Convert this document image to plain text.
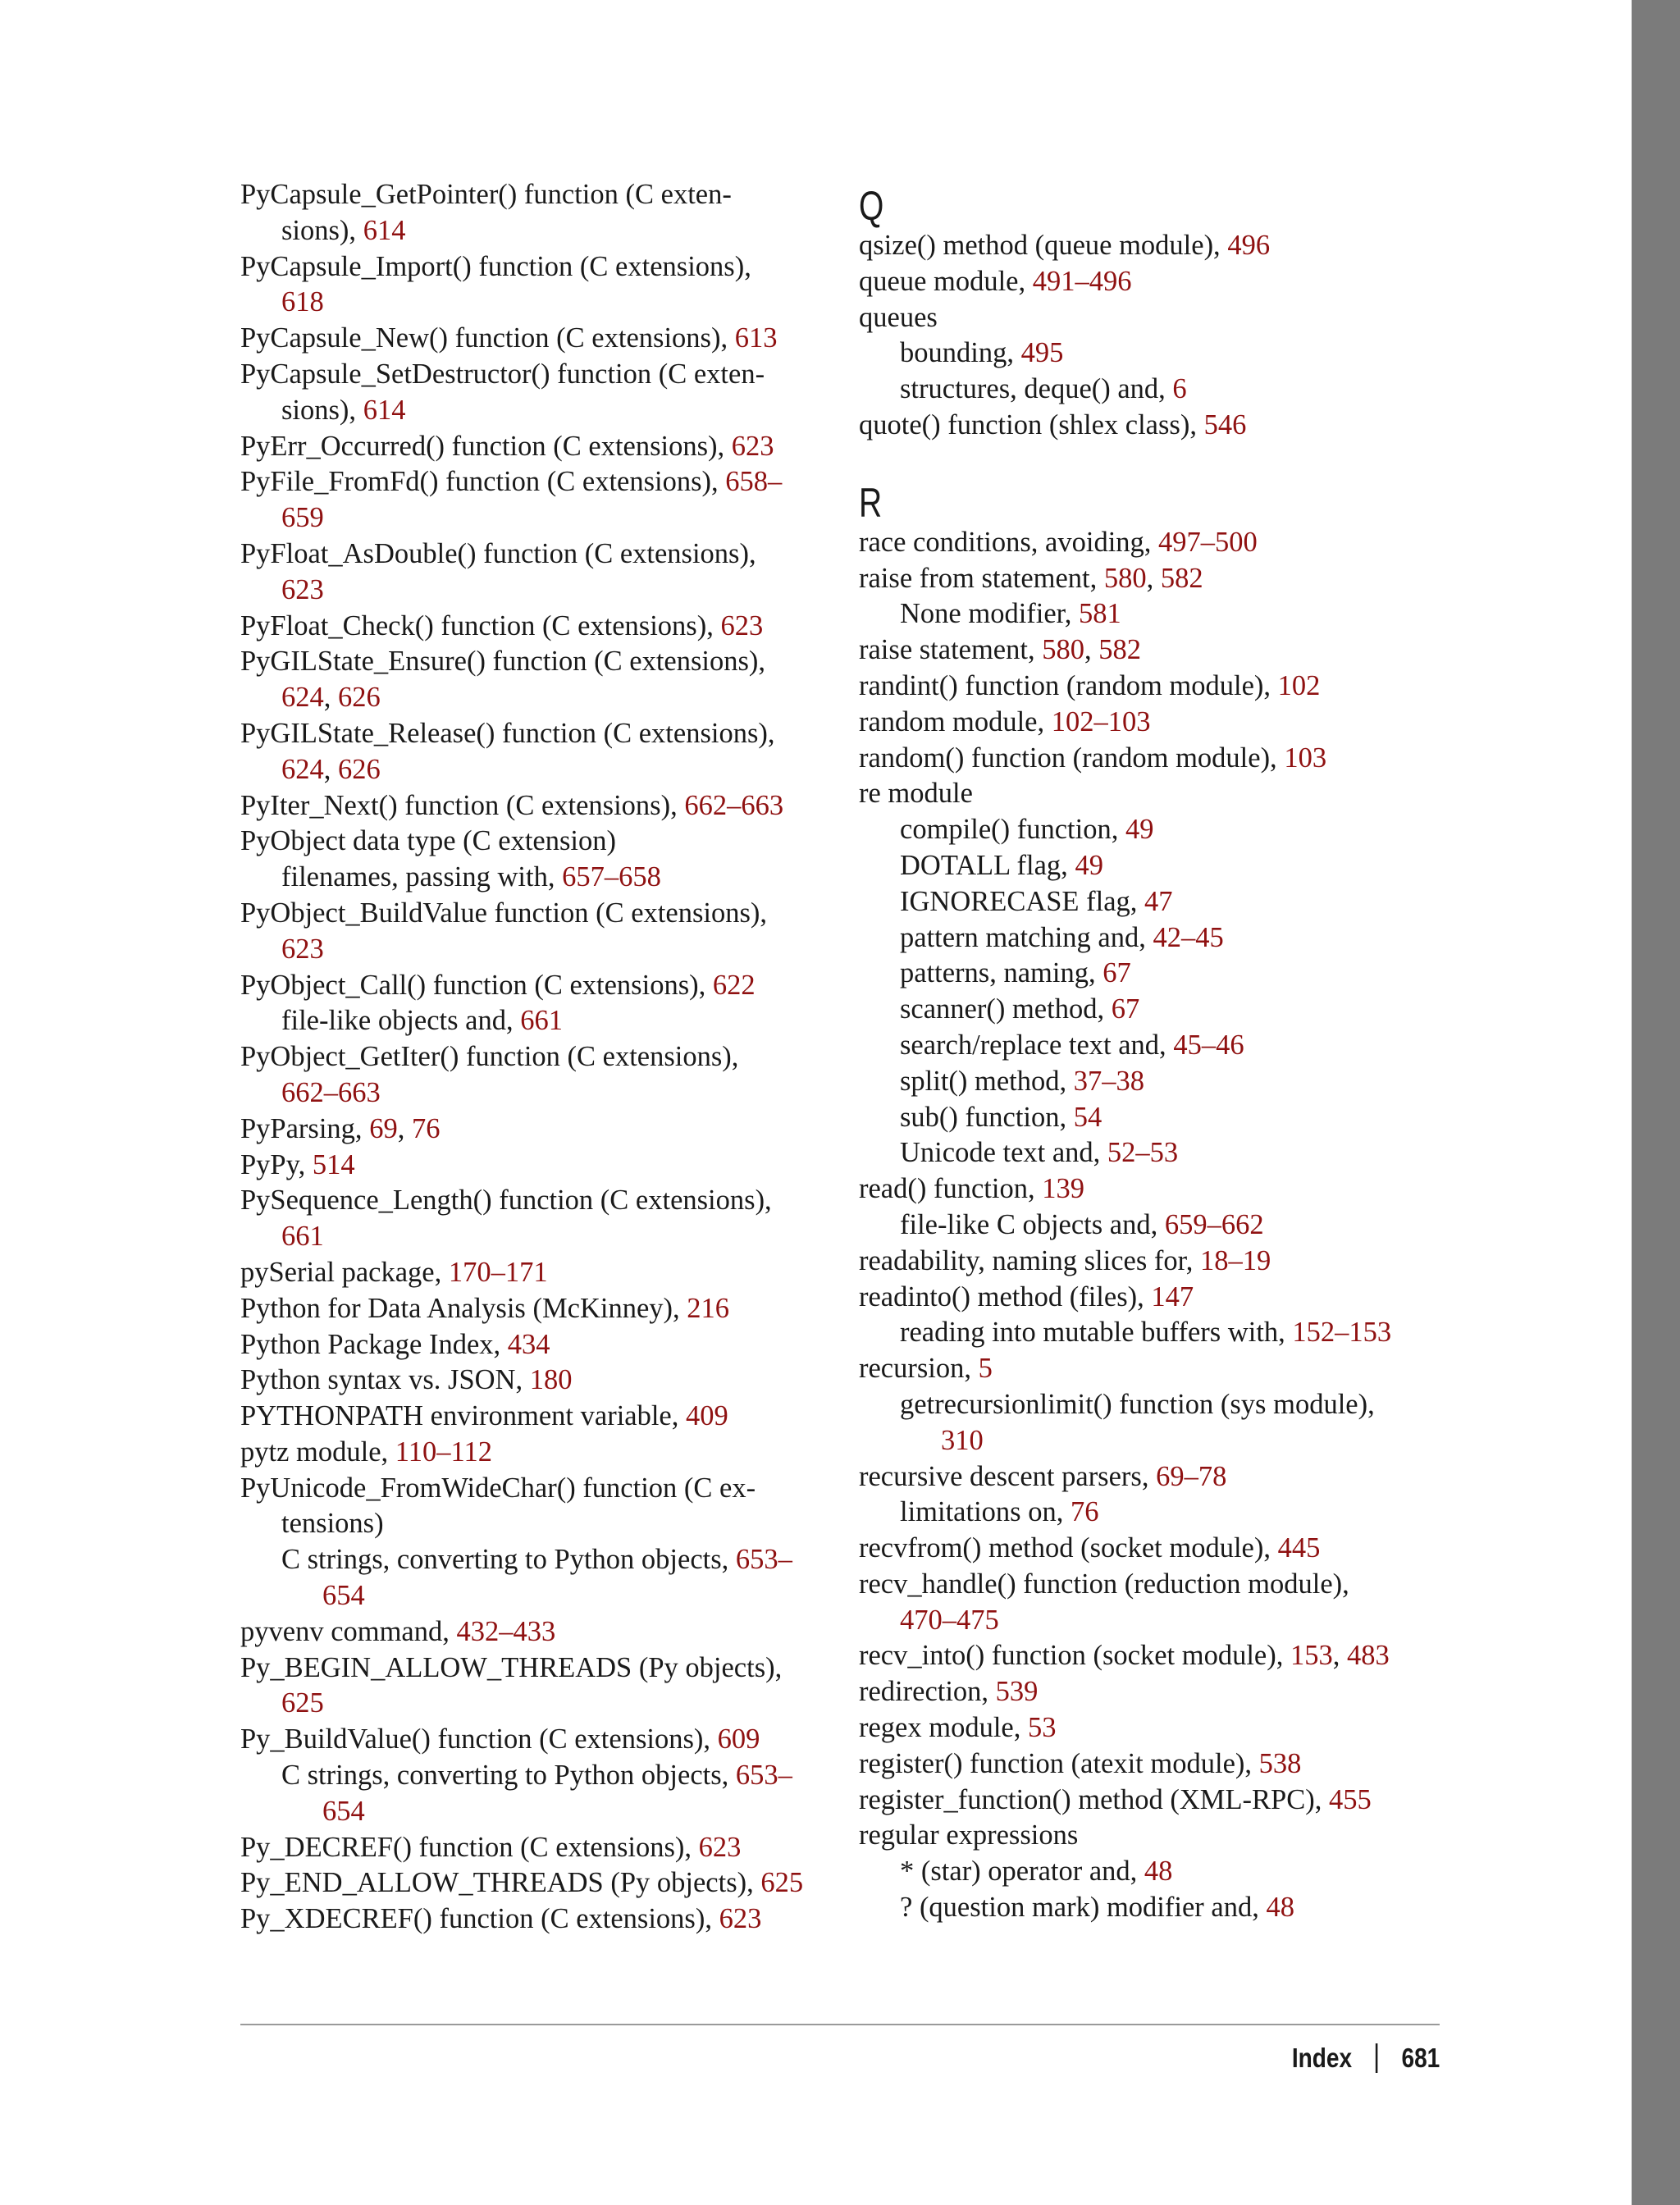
PyCapsule_GetPointer() function (C exten-
sions), 614
PyCapsule_Import() function (C extensions),
618
PyCapsule_New() function (C extensions), 613
PyCapsule_SetDestructor() function (C exten-
sions), 614
PyErr_Occurred() function (C extensions), 623
PyFile_FromFd() function (C extensions), 658–
659
PyFloat_AsDouble() function (C extensions),
623
PyFloat_Check() function (C extensions), 623
PyGILState_Ensure() function (C extensions),
624, 626
PyGILState_Release() function (C extensions),
624, 626
PyIter_Next() function (C extensions), 662–663
PyObject data type (C extension)
filenames, passing with, 657–658
PyObject_BuildValue function (C extensions),
623
PyObject_Call() function (C extensions), 622
file-like objects and, 661
PyObject_GetIter() function (C extensions),
662–663
PyParsing, 69, 76
PyPy, 514
PySequence_Length() function (C extensions),
661
pySerial package, 170–171
Python for Data Analysis (McKinney), 216
Python Package Index, 434
Python syntax vs. JSON, 180
PYTHONPATH environment variable, 409
pytz module, 110–112
PyUnicode_FromWideChar() function (C ex-
tensions)
C strings, converting to Python objects, 653–
654
pyvenv command, 432–433
Py_BEGIN_ALLOW_THREADS (Py objects),
625
Py_BuildValue() function (C extensions), 609
C strings, converting to Python objects, 653–
654
Py_DECREF() function (C extensions), 623
Py_END_ALLOW_THREADS (Py objects), 625
Py_XDECREF() function (C extensions), 623
Q
qsize() method (queue module), 496
queue module, 491–496
queues
bounding, 495
structures, deque() and, 6
quote() function (shlex class), 546
R
race conditions, avoiding, 497–500
raise from statement, 580, 582
None modifier, 581
raise statement, 580, 582
randint() function (random module), 102
random module, 102–103
random() function (random module), 103
re module
compile() function, 49
DOTALL flag, 49
IGNORECASE flag, 47
pattern matching and, 42–45
patterns, naming, 67
scanner() method, 67
search/replace text and, 45–46
split() method, 37–38
sub() function, 54
Unicode text and, 52–53
read() function, 139
file-like C objects and, 659–662
readability, naming slices for, 18–19
readinto() method (files), 147
reading into mutable buffers with, 152–153
recursion, 5
getrecursionlimit() function (sys module),
310
recursive descent parsers, 69–78
limitations on, 76
recvfrom() method (socket module), 445
recv_handle() function (reduction module),
470–475
recv_into() function (socket module), 153, 483
redirection, 539
regex module, 53
register() function (atexit module), 538
register_function() method (XML-RPC), 455
regular expressions
* (star) operator and, 48
? (question mark) modifier and, 48
Index 681
